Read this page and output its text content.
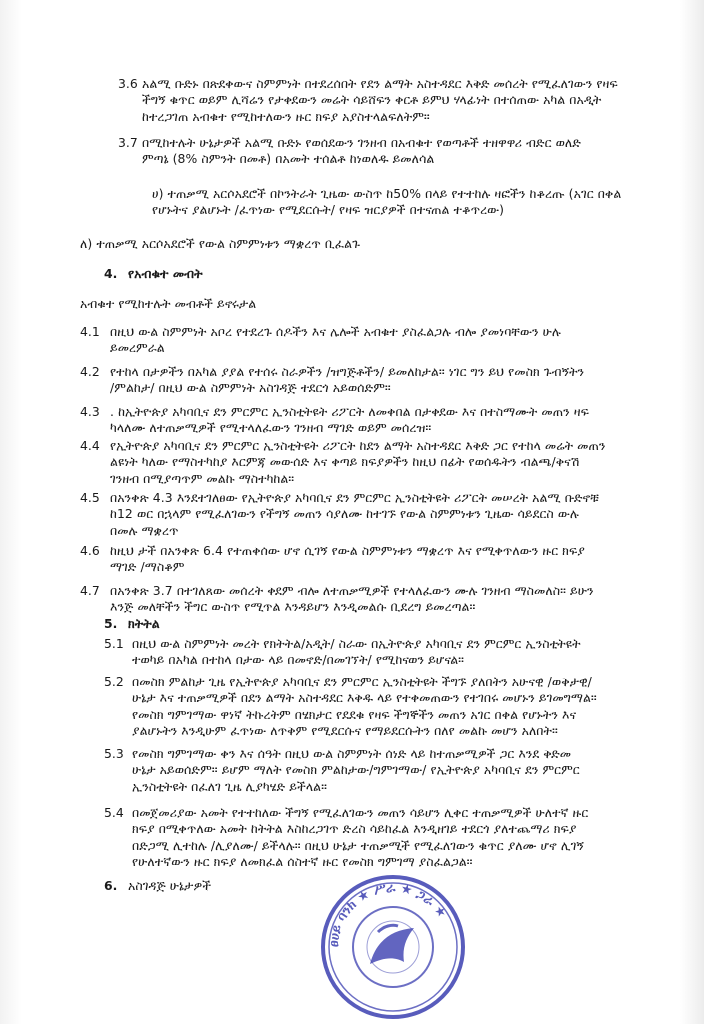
3.6 አልሚ ቡድኑ በጽደቀውና ስምምነት በተደረሰበት የደን ልማት አስተዳደር እቅድ መሰረት የሚፈለገውን የዛፍ
ችግኝ ቁጥር ወይም ሊሻሬን የታቀደውን መሬት ሳይሸፍን ቀርቶ ይምህ ሃላፊነት በተሰጠው አካል በአዲት
ከተረጋገጠ አብቁተ የሚከተለውን ዙር ክፍያ አያስተላልፍለትም።
3.7 በሚከተሉት ሁኔታዎች አልሚ ቡድኑ የወሰደውን ገንዘብ በአብቁተ የወጣቶች ተዘዋዋሪ ብድር ወለድ
ምጣኔ (8% ስምንት በመቶ) በአመት ተሰልቶ ከነወለዱ ይመለሳል
ሀ) ተጠቃሚ አርሶአደሮች በኮንትራት ጊዜው ውስጥ ከ50% በላይ የተተከሉ ዛፎችን ከቆረጡ (አገር በቀል
የሆኑትና ያልሆኑት /ፈጥነው የሚደርሱት/ የዛፍ ዝርያዎች በተናጠል ተቆጥረው)
ለ) ተጠቃሚ አርሶአደሮች የውል ስምምነቱን ማቋረጥ ቢፈልጉ
4. የአብቁተ መብት
አብቁተ የሚከተሉት መብቶች ይኖሩታል
4.1 በዚህ ውል ስምምነት አቦረ የተደረጉ ሰዶችን እና ሌሎች አብቁተ ያስፈልጋሉ ብሎ ያመነባቸውን ሁሉ
ይመረምራል
4.2 የተከላ በታዎችን በአካል ያያል የተሰሩ ስራዎችን /ዝግጅቶችን/ ይመለከታል። ነገር ግን ይህ የመስክ ጉብኝትን
/ምልከታ/ በዚህ ውል ስምምነት አስገዳጅ ተደርጎ አይወሰድም።
4.3 . ከኢትዮጵያ አካባቢና ደን ምርምር ኢንስቲትዩት ሪፖርት ለመቀበል በታቀደው እና በተስማሙት መጠን ዛፍ
ካላለሙ ለተጠቃሚዎች የሚተላለፈውን ገንዘብ ማገድ ወይም መሰረዝ።
4.4 የኢትዮጵያ አካባቢና ደን ምርምር ኢንስቲትዩት ሪፖርት ከደን ልማት አስተዳደር እቅድ ጋር የተከላ መሬት መጠን
ልዩነት ካለው የማስተካከያ እርምጃ መውሰድ እና ቀጣይ ክፍያዎችን ከዚህ በፊት የወሰዱትን ብልጫ/ቅናሽ
ገንዘብ በሚያጣጥም መልኩ ማስተካከል።
4.5 በአንቀጽ 4.3 እንደተገለፀው የኢትዮጵያ አካባቢና ደን ምርምር ኢንስቲትዩት ሪፖርት መሠረት አልሚ ቡድኖቹ
ከ12 ወር በኋላም የሚፈለገውን የችግኝ መጠን ሳያለሙ ከተገኙ የውል ስምምነቱን ጊዜው ሳይደርስ ውሉ
በመሉ ማቋረጥ
4.6 ከዚህ ታች በአንቀጽ 6.4 የተጠቀሰው ሆኖ ሲገኝ የውል ስምምነቱን ማቋረጥ እና የሚቀጥለውን ዙር ክፍያ
ማገድ /ማስቆም
4.7 በአንቀጽ 3.7 በተገለጸው መሰረት ቀደም ብሎ ለተጠቃሚዎች የተላለፈውን ሙሉ ገንዘብ ማስመለስ። ይሁን
እንጅ መለቸችን ችግር ውስጥ የሚጥል እንዳይሆን እንዲመልሱ ቢደረግ ይመረጣል።
5. ክትትል
5.1 በዚህ ውል ስምምነት መረት የክትትል/አዲት/ ስራው በኢትዮጵያ አካባቢና ደን ምርምር ኢንስቲትዩት
ተወካይ በአካል በተከላ በታው ላይ በመኖድ/በመገኘት/ የሚከናወን ይሆናል።
5.2 በመስክ ምልከታ ጊዜ የኢትዮጵያ አካባቢና ደን ምርምር ኢንስቲትዩት ችግኙ ያለበትን አሁናዊ /ወቅታዊ/
ሁኔታ እና ተጠቃሚዎች በደን ልማት አስተዳደር እቅዱ ላይ የተቀመጠውን የተገበሩ መሆኑን ይገመግማል።
የመስክ ግምገማው ዋነኛ ትኩረትም በሄክታር የደደቁ የዛፍ ችግኞችን መጠን አገር በቀል የሆኑትን እና
ያልሆኑትን እንዲሁም ፈጥነው ለጥቅም የሚደርሱና የማይደርሱትን በለየ መልኩ መሆን አለበት።
5.3 የመስክ ግምገማው ቀን እና ሰዓት በዚህ ውል ስምምነት ሰነድ ላይ ከተጠቃሚዎች ጋር እንደ ቅድመ
ሁኔታ አይወሰድም። ይሆም ማለት የመስክ ምልከታው/ግምገማው/ የኢትዮጵያ አካባቢና ደን ምርምር
ኢንስቲትዩት በፈለገ ጊዜ ሊያካሄድ ይችላል።
5.4 በመጀመሪያው አመት የተተከለው ችግኝ የሚፈለገውን መጠን ሳይሆን ሊቀር ተጠቃሚዎች ሁለተኛ ዙር
ክፍያ በሚቀጥለው አመት ከትትል እስከረጋገጥ ድረስ ሳይከፈል እንዲዘገይ ተደርጎ ያለተጨማሪ ክፍያ
በድጋሚ ሊተከሉ /ሊያለሙ/ ይችላሉ። በዚህ ሁኔታ ተጠቃሚች የሚፈለገውን ቁጥር ያለሙ ሆኖ ሊገኝ
የሁለተኛውን ዙር ክፍያ ለመክፈል ሰስተኛ ዙር የመስክ ግምገማ ያስፈልጋል።
6. አስገዳጅ ሁኔታዎች
ፀሀይ ባንክ ★ ሥራ ★ ጋራ ★
